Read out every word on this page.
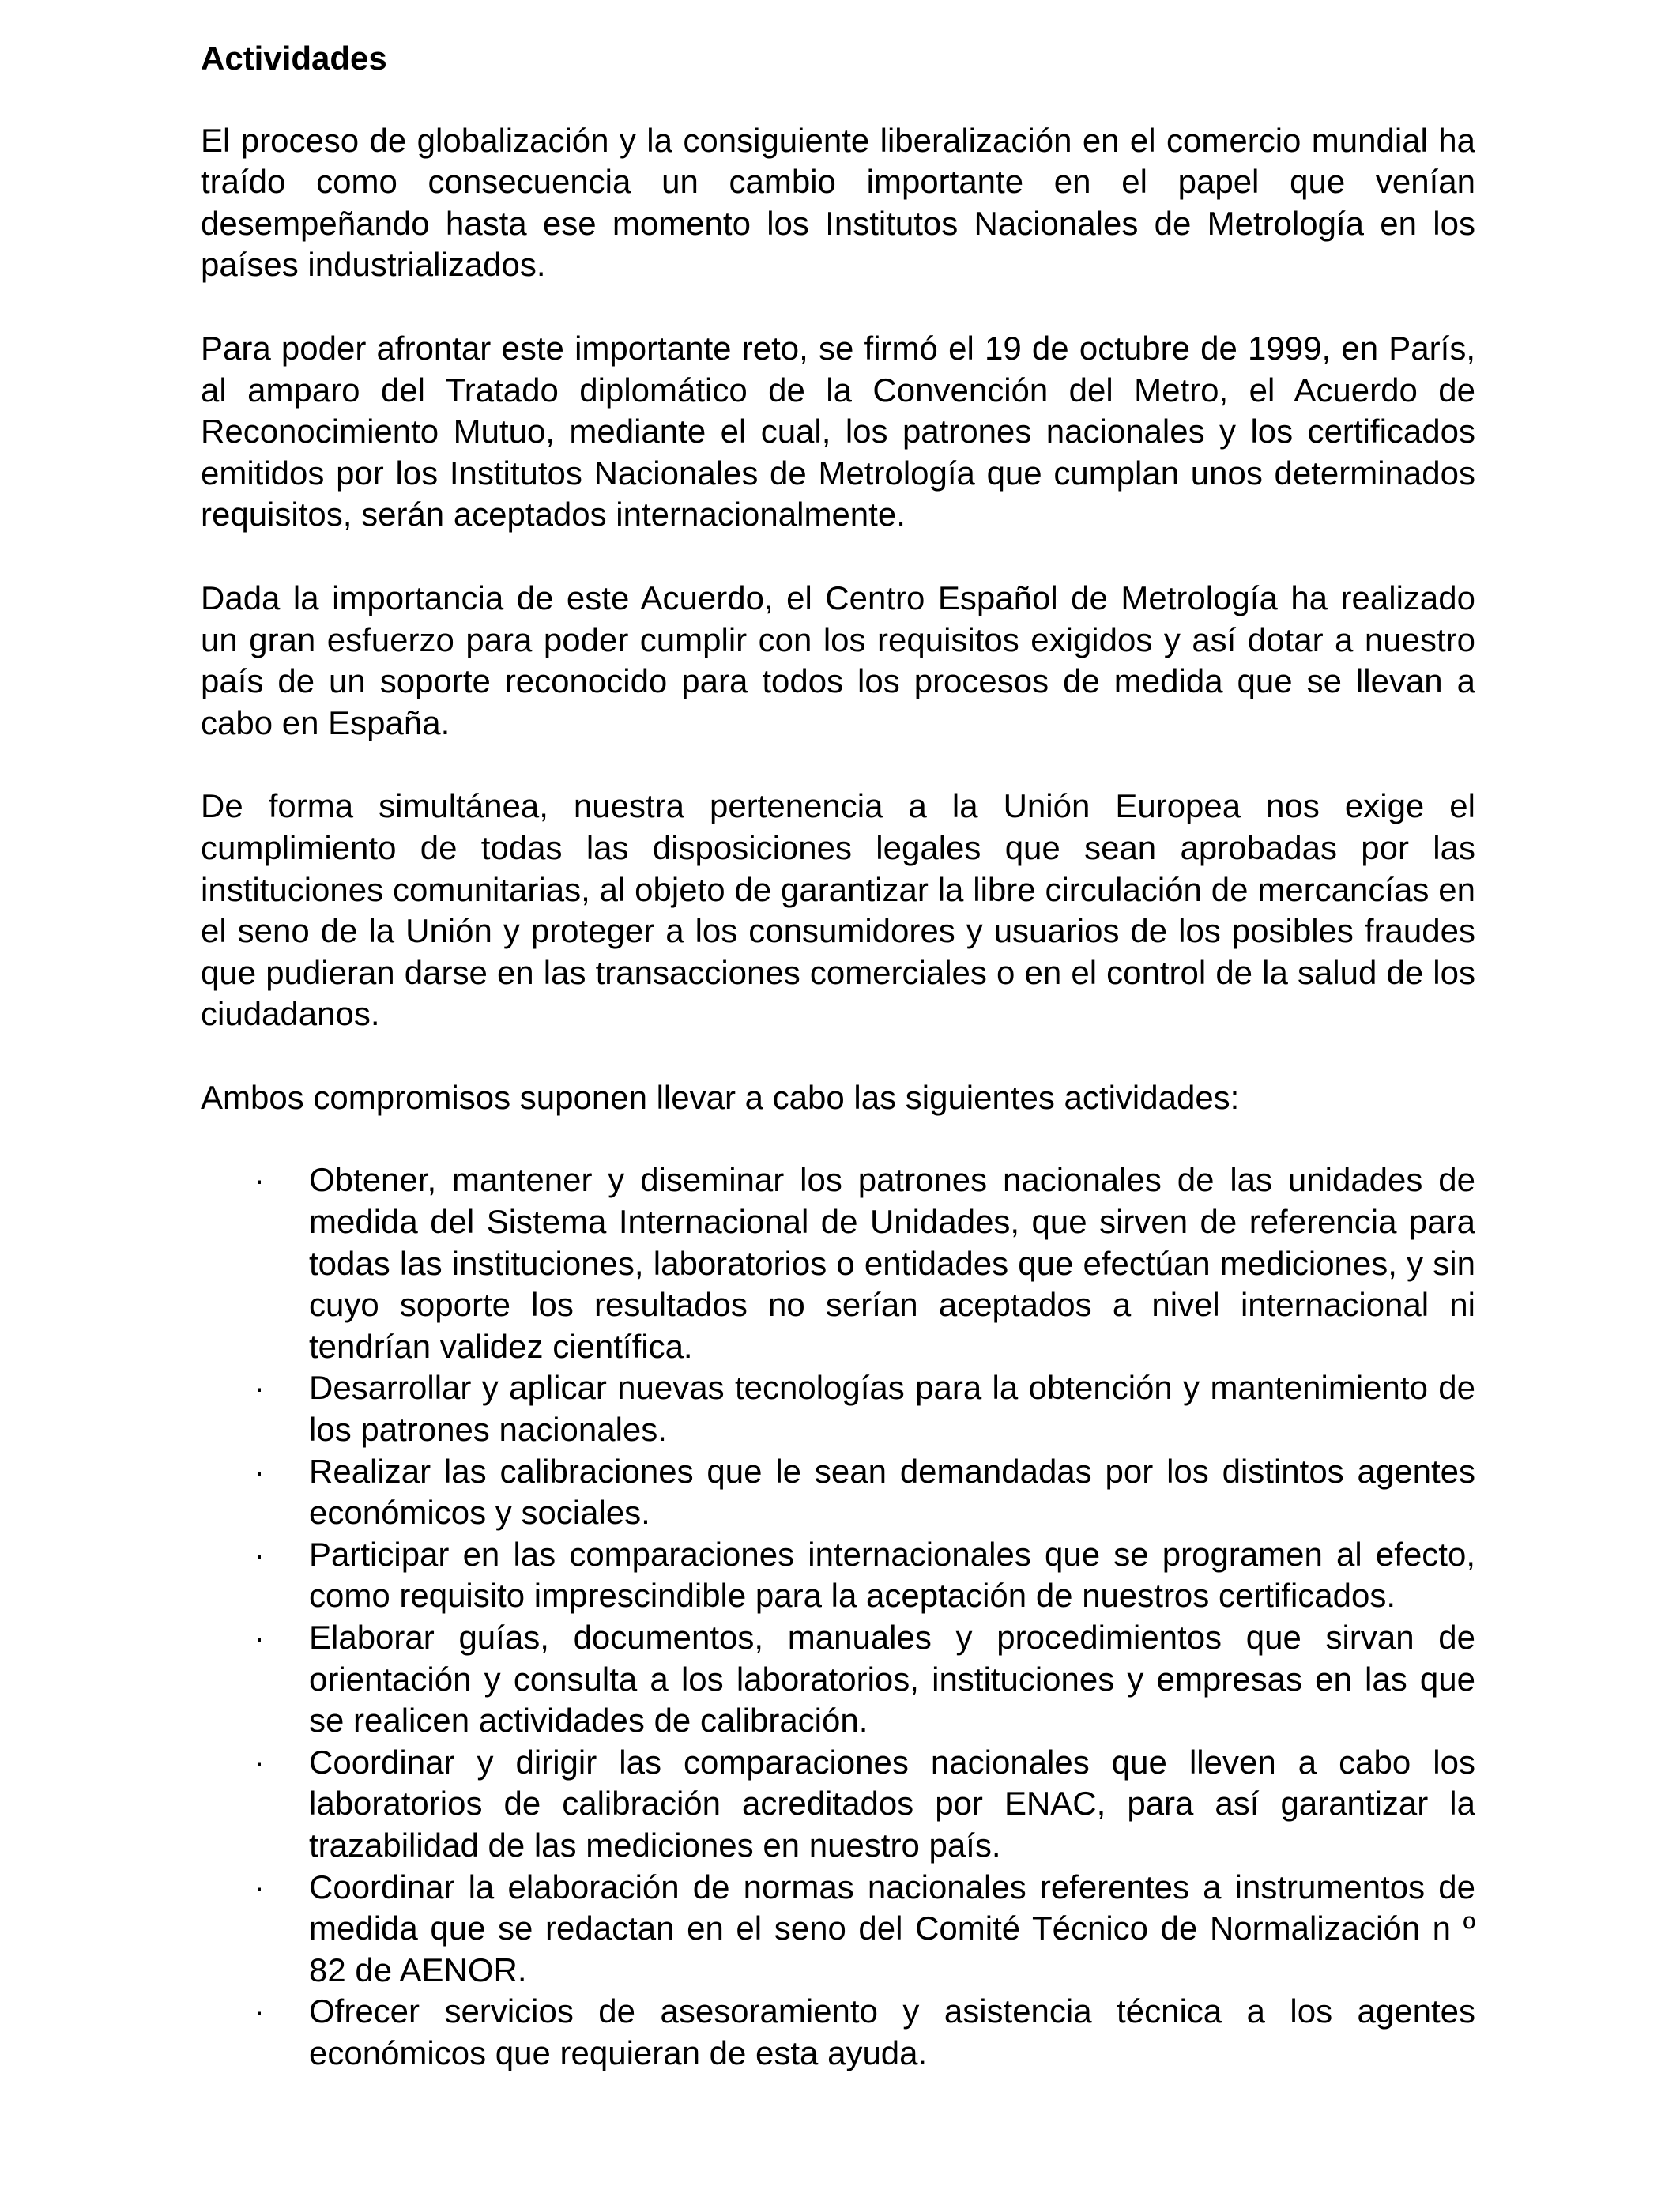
Actividades

El proceso de globalización y la consiguiente liberalización en el comercio mundial ha traído como consecuencia un cambio importante en el papel que venían desempeñando hasta ese momento los Institutos Nacionales de Metrología en los países industrializados.

Para poder afrontar este importante reto, se firmó el 19 de octubre de 1999, en París, al amparo del Tratado diplomático de la Convención del Metro, el Acuerdo de Reconocimiento Mutuo, mediante el cual, los patrones nacionales y los certificados emitidos por los Institutos Nacionales de Metrología que cumplan unos determinados requisitos, serán aceptados internacionalmente.

Dada la importancia de este Acuerdo, el Centro Español de Metrología ha realizado un gran esfuerzo para poder cumplir con los requisitos exigidos y así dotar a nuestro país de un soporte reconocido para todos los procesos de medida que se llevan a cabo en España.

De forma simultánea, nuestra pertenencia a la Unión Europea nos exige el cumplimiento de todas las disposiciones legales que sean aprobadas por las instituciones comunitarias, al objeto de garantizar la libre circulación de mercancías en el seno de la Unión y proteger a los consumidores y usuarios de los posibles fraudes que pudieran darse en las transacciones comerciales o en el control de la salud de los ciudadanos.

Ambos compromisos suponen llevar a cabo las siguientes actividades:

· Obtener, mantener y diseminar los patrones nacionales de las unidades de medida del Sistema Internacional de Unidades, que sirven de referencia para todas las instituciones, laboratorios o entidades que efectúan mediciones, y sin cuyo soporte los resultados no serían aceptados a nivel internacional ni tendrían validez científica.
· Desarrollar y aplicar nuevas tecnologías para la obtención y mantenimiento de los patrones nacionales.
· Realizar las calibraciones que le sean demandadas por los distintos agentes económicos y sociales.
· Participar en las comparaciones internacionales que se programen al efecto, como requisito imprescindible para la aceptación de nuestros certificados.
· Elaborar guías, documentos, manuales y procedimientos que sirvan de orientación y consulta a los laboratorios, instituciones y empresas en las que se realicen actividades de calibración.
· Coordinar y dirigir las comparaciones nacionales que lleven a cabo los laboratorios de calibración acreditados por ENAC, para así garantizar la trazabilidad de las mediciones en nuestro país.
· Coordinar la elaboración de normas nacionales referentes a instrumentos de medida que se redactan en el seno del Comité Técnico de Normalización n º 82 de AENOR.
· Ofrecer servicios de asesoramiento y asistencia técnica a los agentes económicos que requieran de esta ayuda.
